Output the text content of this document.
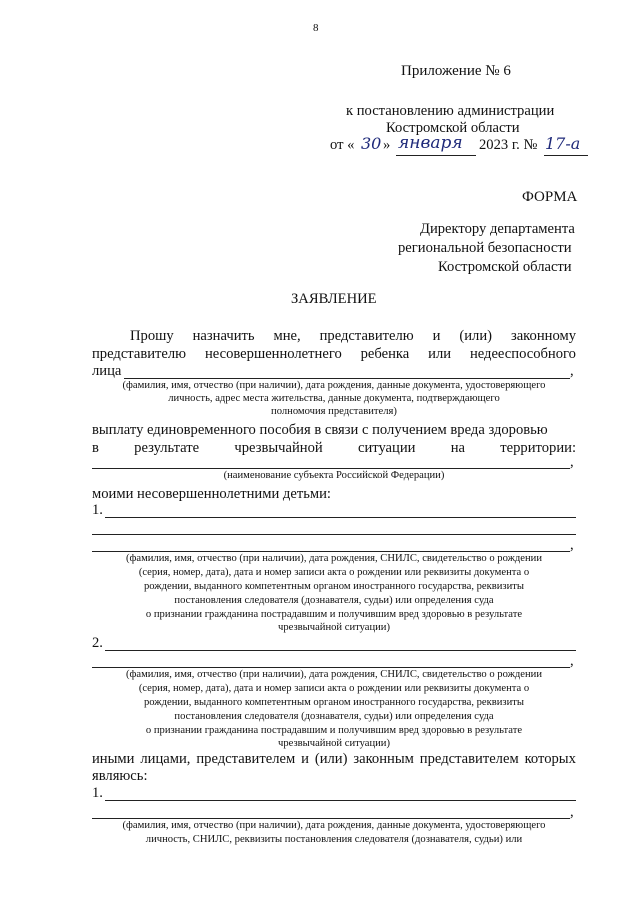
8
Приложение № 6
к постановлению администрации
Костромской области
от « 30 » января 2023 г. № 17-а
ФОРМА
Директору департамента
региональной безопасности
Костромской области
ЗАЯВЛЕНИЕ
Прошу назначить мне, представителю и (или) законному
представителю несовершеннолетнего ребенка или недееспособного
лица	,
(фамилия, имя, отчество (при наличии), дата рождения, данные документа, удостоверяющего
личность, адрес места жительства, данные документа, подтверждающего
полномочия представителя)
выплату единовременного пособия в связи с получением вреда здоровью
в результате чрезвычайной ситуации на территории:
,
(наименование субъекта Российской Федерации)
моими несовершеннолетними детьми:
1.
,
(фамилия, имя, отчество (при наличии), дата рождения, СНИЛС, свидетельство о рождении
(серия, номер, дата), дата и номер записи акта о рождении или реквизиты документа о
рождении, выданного компетентным органом иностранного государства, реквизиты
постановления следователя (дознавателя, судьи) или определения суда
о признании гражданина пострадавшим и получившим вред здоровью в результате
чрезвычайной ситуации)
2.
,
(фамилия, имя, отчество (при наличии), дата рождения, СНИЛС, свидетельство о рождении
(серия, номер, дата), дата и номер записи акта о рождении или реквизиты документа о
рождении, выданного компетентным органом иностранного государства, реквизиты
постановления следователя (дознавателя, судьи) или определения суда
о признании гражданина пострадавшим и получившим вред здоровью в результате
чрезвычайной ситуации)
иными лицами, представителем и (или) законным представителем которых
являюсь:
1.
,
(фамилия, имя, отчество (при наличии), дата рождения, данные документа, удостоверяющего
личность, СНИЛС, реквизиты постановления следователя (дознавателя, судьи) или
